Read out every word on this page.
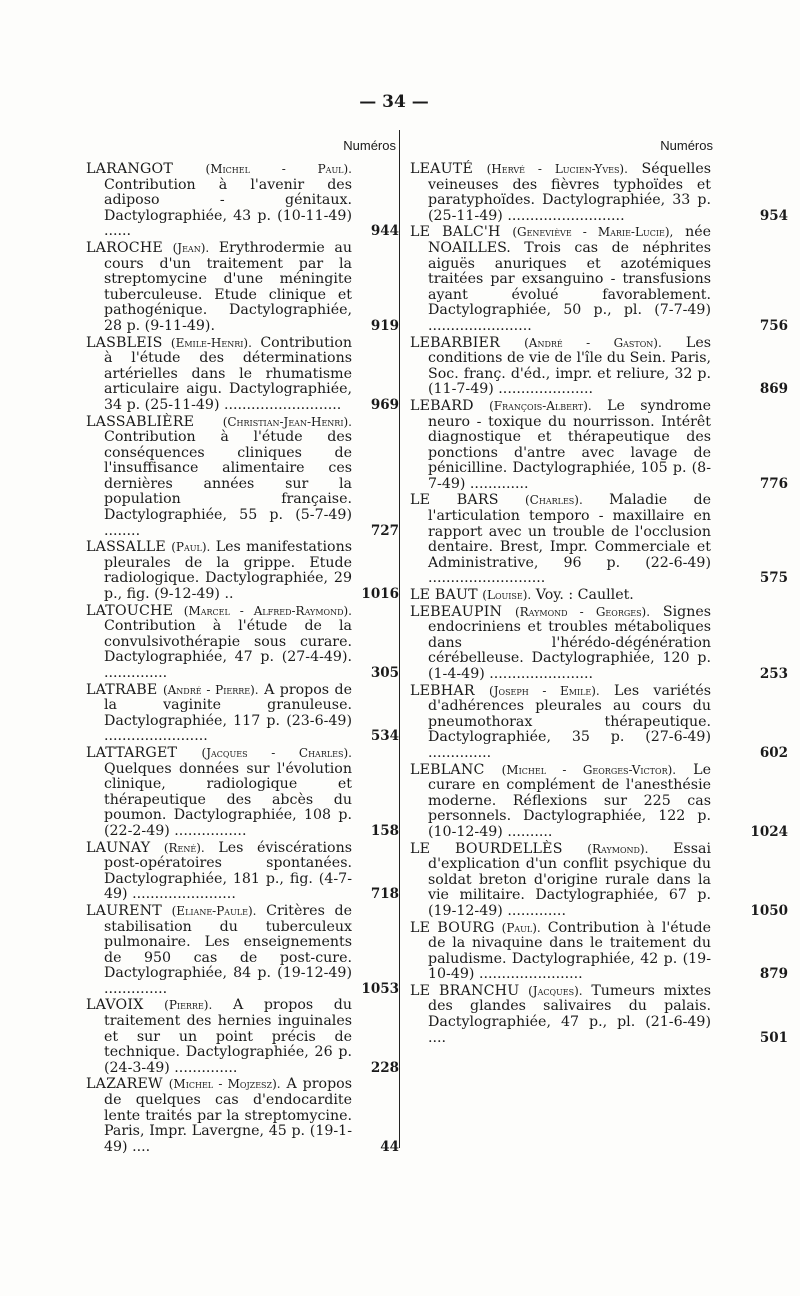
— 34 —
Numéros
LARANGOT	(Michel - Paul). Contribution à l'avenir des adiposo - génitaux. Dactylographiée, 43 p. (10-11-49) ......	944
LAROCHE (Jean). Erythrodermie au cours d'un traitement par la streptomycine d'une méningite tuberculeuse. Etude clinique et pathogénique. Dactylographiée, 28 p. (9-11-49).	919
LASBLEIS (Emile-Henri). Contribution à l'étude des déterminations artérielles dans le rhumatisme articulaire aigu. Dactylographiée, 34 p. (25-11-49) .......................... 969
LASSABLIÈRE (Christian-Jean-Henri). Contribution à l'étude des conséquences cliniques de l'insuffisance alimentaire ces dernières années sur la population française. Dactylographiée, 55 p. (5-7-49) ........	727
LASSALLE (Paul). Les manifestations pleurales de la grippe. Etude radiologique. Dactylographiée, 29 p., fig. (9-12-49) ..	1016
LATOUCHE (Marcel - Alfred-Raymond). Contribution à l'étude de la convulsivothérapie sous curare. Dactylographiée, 47 p. (27-4-49). ..............	305
LATRABE (André - Pierre). A propos de la vaginite granuleuse. Dactylographiée, 117 p. (23-6-49) .......................	534
LATTARGET (Jacques - Charles). Quelques données sur l'évolution clinique, radiologique et thérapeutique des abcès du poumon. Dactylographiée, 108 p. (22-2-49) ................	158
LAUNAY (René). Les éviscérations post-opératoires spontanées. Dactylographiée, 181 p., fig. (4-7-49) .......................	718
LAURENT (Eliane-Paule). Critères de stabilisation du tuberculeux pulmonaire. Les enseignements de 950 cas de post-cure. Dactylographiée, 84 p. (19-12-49) ..............	1053
LAVOIX (Pierre). A propos du traitement des hernies inguinales et sur un point précis de technique. Dactylographiée, 26 p. (24-3-49) ..............	228
LAZAREW (Michel - Mojzesz). A propos de quelques cas d'endocardite lente traités par la streptomycine. Paris, Impr. Lavergne, 45 p. (19-1-49) ....	44
Numéros
LEAUTÉ (Hervé - Lucien-Yves). Séquelles veineuses des fièvres typhoïdes et paratyphoïdes. Dactylographiée, 33 p. (25-11-49) ..........................	954
LE BALC'H (Geneviève - Marie-Lucie), née NOAILLES. Trois cas de néphrites aiguës anuriques et azotémiques traitées par exsanguino - transfusions ayant évolué favorablement. Dactylographiée, 50 p., pl. (7-7-49) .......................	756
LEBARBIER (André - Gaston). Les conditions de vie de l'île du Sein. Paris, Soc. franç. d'éd., impr. et reliure, 32 p. (11-7-49) .....................	869
LEBARD (François-Albert). Le syndrome neuro - toxique du nourrisson. Intérêt diagnostique et thérapeutique des ponctions d'antre avec lavage de pénicilline. Dactylographiée, 105 p. (8-7-49) .............	776
LE BARS (Charles). Maladie de l'articulation temporo - maxillaire en rapport avec un trouble de l'occlusion dentaire. Brest, Impr. Commerciale et Administrative, 96 p. (22-6-49) ..........................	575
LE BAUT (Louise). Voy. : Caullet.
LEBEAUPIN (Raymond - Georges). Signes endocriniens et troubles métaboliques dans l'hérédo-dégénération cérébelleuse. Dactylographiée, 120 p. (1-4-49) .......................	253
LEBHAR (Joseph - Emile). Les variétés d'adhérences pleurales au cours du pneumothorax thérapeutique. Dactylographiée, 35 p. (27-6-49) ..............	602
LEBLANC (Michel - Georges-Victor). Le curare en complément de l'anesthésie moderne. Réflexions sur 225 cas personnels. Dactylographiée, 122 p. (10-12-49) ..........	1024
LE BOURDELLÈS (Raymond). Essai d'explication d'un conflit psychique du soldat breton d'origine rurale dans la vie militaire. Dactylographiée, 67 p. (19-12-49) .............	1050
LE BOURG (Paul). Contribution à l'étude de la nivaquine dans le traitement du paludisme. Dactylographiée, 42 p. (19-10-49) .......................	879
LE BRANCHU (Jacques). Tumeurs mixtes des glandes salivaires du palais. Dactylographiée, 47 p., pl. (21-6-49) ....	501
